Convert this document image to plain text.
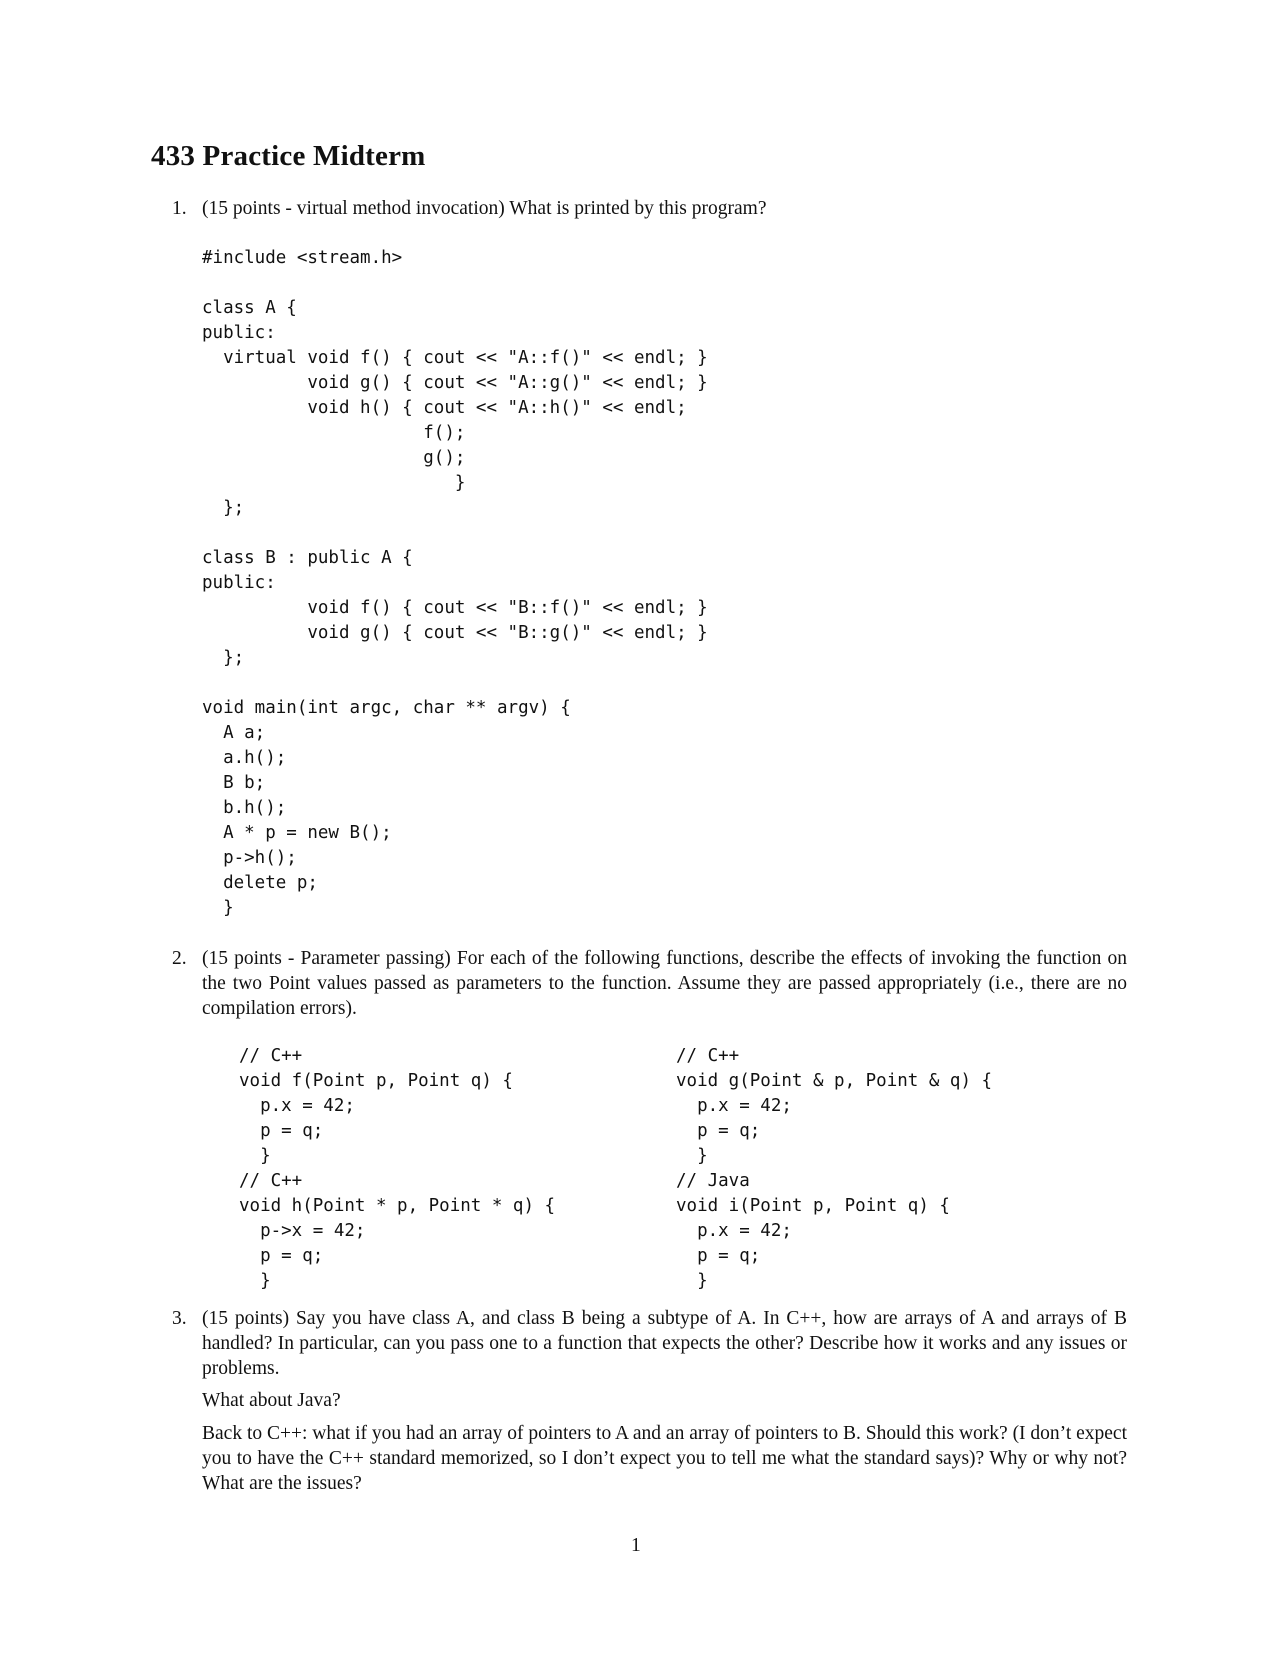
433 Practice Midterm
1. (15 points - virtual method invocation) What is printed by this program?
#include <stream.h>
class A {
public:
virtual void f() { cout << "A::f()" << endl; }
void g() { cout << "A::g()" << endl; }
void h() { cout << "A::h()" << endl;
f();
g();
}
};
class B : public A {
public:
void f() { cout << "B::f()" << endl; }
void g() { cout << "B::g()" << endl; }
};
void main(int argc, char ** argv) {
A a;
a.h();
B b;
b.h();
A * p = new B();
p->h();
delete p;
}
2. (15 points - Parameter passing) For each of the following functions, describe the effects of invoking the function on the two Point values passed as parameters to the function. Assume they are passed appropriately (i.e., there are no compilation errors).
// C++
void f(Point p, Point q) {
p.x = 42;
p = q;
}
// C++
void h(Point * p, Point * q) {
p->x = 42;
p = q;
}
// C++
void g(Point & p, Point & q) {
p.x = 42;
p = q;
}
// Java
void i(Point p, Point q) {
p.x = 42;
p = q;
}
3. (15 points) Say you have class A, and class B being a subtype of A. In C++, how are arrays of A and arrays of B handled? In particular, can you pass one to a function that expects the other? Describe how it works and any issues or problems.
What about Java?
Back to C++: what if you had an array of pointers to A and an array of pointers to B. Should this work? (I don’t expect you to have the C++ standard memorized, so I don’t expect you to tell me what the standard says)? Why or why not? What are the issues?
1
